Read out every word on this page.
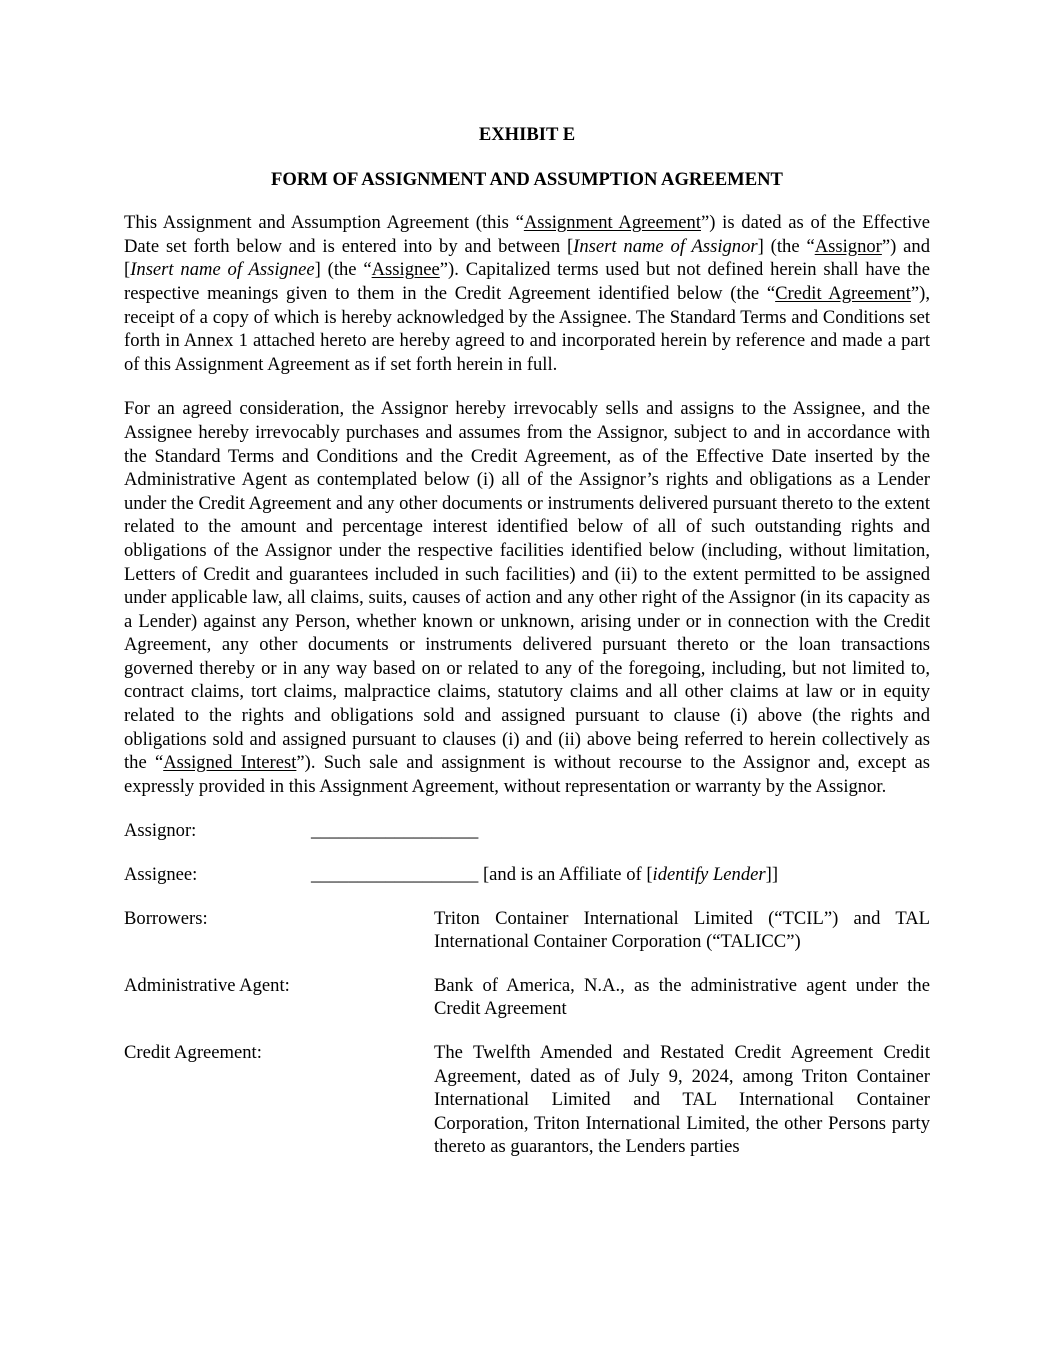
EXHIBIT E

FORM OF ASSIGNMENT AND ASSUMPTION AGREEMENT

This Assignment and Assumption Agreement (this “Assignment Agreement”) is dated as of the Effective Date set forth below and is entered into by and between [Insert name of Assignor] (the “Assignor”) and [Insert name of Assignee] (the “Assignee”). Capitalized terms used but not defined herein shall have the respective meanings given to them in the Credit Agreement identified below (the “Credit Agreement”), receipt of a copy of which is hereby acknowledged by the Assignee. The Standard Terms and Conditions set forth in Annex 1 attached hereto are hereby agreed to and incorporated herein by reference and made a part of this Assignment Agreement as if set forth herein in full.

For an agreed consideration, the Assignor hereby irrevocably sells and assigns to the Assignee, and the Assignee hereby irrevocably purchases and assumes from the Assignor, subject to and in accordance with the Standard Terms and Conditions and the Credit Agreement, as of the Effective Date inserted by the Administrative Agent as contemplated below (i) all of the Assignor’s rights and obligations as a Lender under the Credit Agreement and any other documents or instruments delivered pursuant thereto to the extent related to the amount and percentage interest identified below of all of such outstanding rights and obligations of the Assignor under the respective facilities identified below (including, without limitation, Letters of Credit and guarantees included in such facilities) and (ii) to the extent permitted to be assigned under applicable law, all claims, suits, causes of action and any other right of the Assignor (in its capacity as a Lender) against any Person, whether known or unknown, arising under or in connection with the Credit Agreement, any other documents or instruments delivered pursuant thereto or the loan transactions governed thereby or in any way based on or related to any of the foregoing, including, but not limited to, contract claims, tort claims, malpractice claims, statutory claims and all other claims at law or in equity related to the rights and obligations sold and assigned pursuant to clause (i) above (the rights and obligations sold and assigned pursuant to clauses (i) and (ii) above being referred to herein collectively as the “Assigned Interest”). Such sale and assignment is without recourse to the Assignor and, except as expressly provided in this Assignment Agreement, without representation or warranty by the Assignor.

Assignor:	__________________
Assignee:	__________________ [and is an Affiliate of [identify Lender]]
Borrowers:	Triton Container International Limited (“TCIL”) and TAL International Container Corporation (“TALICC”)
Administrative Agent:	Bank of America, N.A., as the administrative agent under the Credit Agreement
Credit Agreement:	The Twelfth Amended and Restated Credit Agreement Credit Agreement, dated as of July 9, 2024, among Triton Container International Limited and TAL International Container Corporation, Triton International Limited, the other Persons party thereto as guarantors, the Lenders parties
